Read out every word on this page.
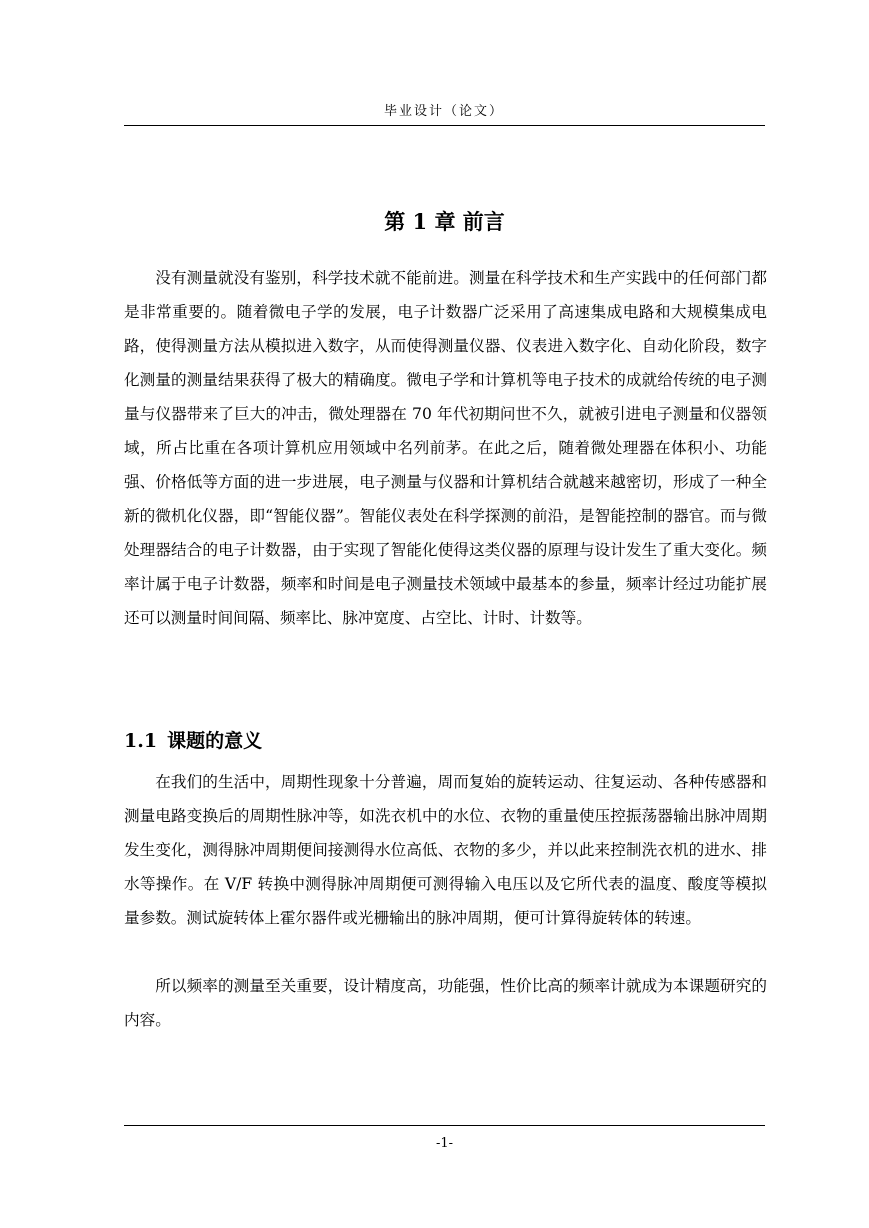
毕业设计（论文）
第 1 章 前言

没有测量就没有鉴别，科学技术就不能前进。测量在科学技术和生产实践中的任何部门都是非常重要的。随着微电子学的发展，电子计数器广泛采用了高速集成电路和大规模集成电路，使得测量方法从模拟进入数字，从而使得测量仪器、仪表进入数字化、自动化阶段，数字化测量的测量结果获得了极大的精确度。微电子学和计算机等电子技术的成就给传统的电子测量与仪器带来了巨大的冲击，微处理器在 70 年代初期问世不久，就被引进电子测量和仪器领域，所占比重在各项计算机应用领域中名列前茅。在此之后，随着微处理器在体积小、功能强、价格低等方面的进一步进展，电子测量与仪器和计算机结合就越来越密切，形成了一种全新的微机化仪器，即“智能仪器”。智能仪表处在科学探测的前沿，是智能控制的器官。而与微处理器结合的电子计数器，由于实现了智能化使得这类仪器的原理与设计发生了重大变化。频率计属于电子计数器，频率和时间是电子测量技术领域中最基本的参量，频率计经过功能扩展还可以测量时间间隔、频率比、脉冲宽度、占空比、计时、计数等。

1.1 课题的意义

在我们的生活中，周期性现象十分普遍，周而复始的旋转运动、往复运动、各种传感器和测量电路变换后的周期性脉冲等，如洗衣机中的水位、衣物的重量使压控振荡器输出脉冲周期发生变化，测得脉冲周期便间接测得水位高低、衣物的多少，并以此来控制洗衣机的进水、排水等操作。在 V/F 转换中测得脉冲周期便可测得输入电压以及它所代表的温度、酸度等模拟量参数。测试旋转体上霍尔器件或光栅输出的脉冲周期，便可计算得旋转体的转速。

所以频率的测量至关重要，设计精度高，功能强，性价比高的频率计就成为本课题研究的内容。

-1-
